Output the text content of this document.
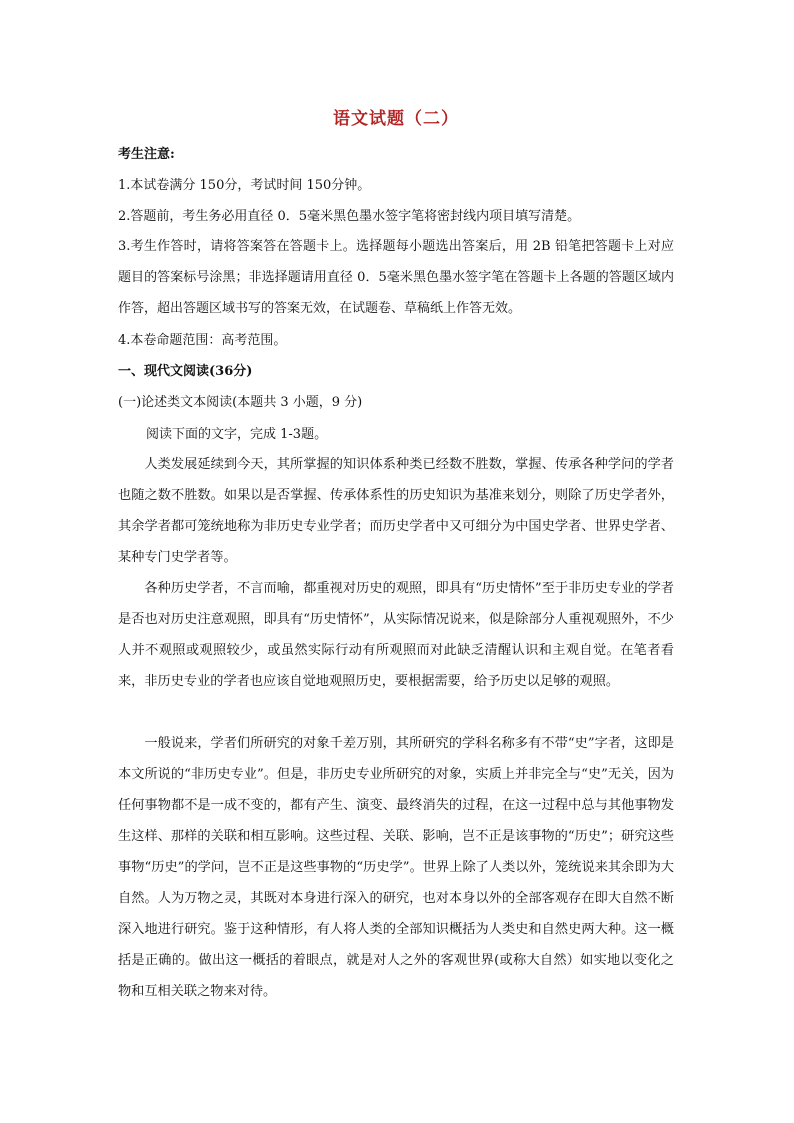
语文试题（二）
考生注意:
1.本试卷满分 150分，考试时间 150分钟。
2.答题前，考生务必用直径 0．5毫米黑色墨水签字笔将密封线内项目填写清楚。

3.考生作答时，请将答案答在答题卡上。选择题每小题选出答案后，用 2B 铅笔把答题卡上对应题目的答案标号涂黑；非选择题请用直径 0．5毫米黑色墨水签字笔在答题卡上各题的答题区域内作答，超出答题区域书写的答案无效，在试题卷、草稿纸上作答无效。

4.本卷命题范围：高考范围。
一、现代文阅读(36分)
(一)论述类文本阅读(本题共 3 小题，9 分)
阅读下面的文字，完成 1-3题。

人类发展延续到今天，其所掌握的知识体系种类已经数不胜数，掌握、传承各种学问的学者也随之数不胜数。如果以是否掌握、传承体系性的历史知识为基准来划分，则除了历史学者外，其余学者都可笼统地称为非历史专业学者；而历史学者中又可细分为中国史学者、世界史学者、某种专门史学者等。

各种历史学者，不言而喻，都重视对历史的观照，即具有“历史情怀”至于非历史专业的学者是否也对历史注意观照，即具有“历史情怀”，从实际情况说来，似是除部分人重视观照外，不少人并不观照或观照较少，或虽然实际行动有所观照而对此缺乏清醒认识和主观自觉。在笔者看来，非历史专业的学者也应该自觉地观照历史，要根据需要，给予历史以足够的观照。

一般说来，学者们所研究的对象千差万别，其所研究的学科名称多有不带“史”字者，这即是本文所说的“非历史专业”。但是，非历史专业所研究的对象，实质上并非完全与“史”无关，因为任何事物都不是一成不变的，都有产生、演变、最终消失的过程，在这一过程中总与其他事物发生这样、那样的关联和相互影响。这些过程、关联、影响，岂不正是该事物的“历史”；研究这些事物“历史”的学问，岂不正是这些事物的“历史学”。世界上除了人类以外，笼统说来其余即为大自然。人为万物之灵，其既对本身进行深入的研究，也对本身以外的全部客观存在即大自然不断深入地进行研究。鉴于这种情形，有人将人类的全部知识概括为人类史和自然史两大种。这一概括是正确的。做出这一概括的着眼点，就是对人之外的客观世界(或称大自然）如实地以变化之物和互相关联之物来对待。
